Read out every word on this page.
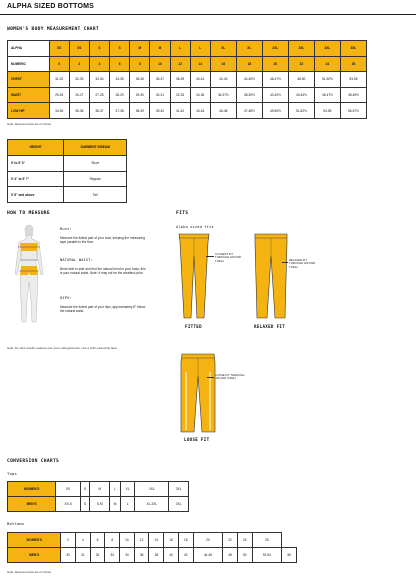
ALPHA SIZED BOTTOMS
WOMEN'S BODY MEASUREMENT CHART
ALPHA	XS	XS	S	S	M	M	L	L	XL	XL	2XL	2XL	3XL	3XL
NUMERIC	0	2	4	6	8	10	12	14	16	18	20	22	24	26
CHEST	31-32	32-33	33-34	34-35	35-36	36-37	38-39	40-41	42-43	44-45½	46-47½	48-50	51-52½	53-55
WAIST	25-26	26-27	27-28	28-29	29-30	30-31	32-33	34-35	36-37½	38-39½	40-42½	43-44½	45-47½	48-49½
LOW HIP	34-35	35-36	36-37	37-38	38-39	39-40	41-42	43-44	45-46	47-48½	49-50½	51-52½	53-55	56-57½
Note: Measurements are in inches
HEIGHT	GARMENT INSEAM
5' to 5' 3"	Short
5' 4" to 5' 7"	Regular
5' 8" and above	Tall
HOW TO MEASURE
Bust:
Measure the fullest part of your bust, keeping the measuring tape parallel to the floor.
NATURAL WAIST:
Bend side to side and find the natural bend in your body; this is your natural waist. Note: It may not be the smallest point.
HIPS:
Measure the fullest part of your hips, approximately 8" below the natural waist.
Note: For best results measure over your undergarments. Use a cloth measuring tape.
FITS
Alpha sized fits
CLOSEST FIT THROUGH HIP AND THIGH
FITTED
RELAXED FIT THROUGH HIP AND THIGH
RELAXED FIT
LOOSE FIT THROUGH HIP AND THIGH
LOOSE FIT
CONVERSION CHARTS
Tops
WOMEN'S	XS	S	M	L	XL	2XL	3XL
MEN'S	XS-S	S	S-M	M	L	XL-2XL	3XL
Bottoms
WOMEN'S	2	4	6	8	10	12	14	16	18	20	22	24	26	
MEN'S	30	31	32	33	34	36	38	40	42	44-46	48	50	52-54	56
Note: Measurements are in inches
